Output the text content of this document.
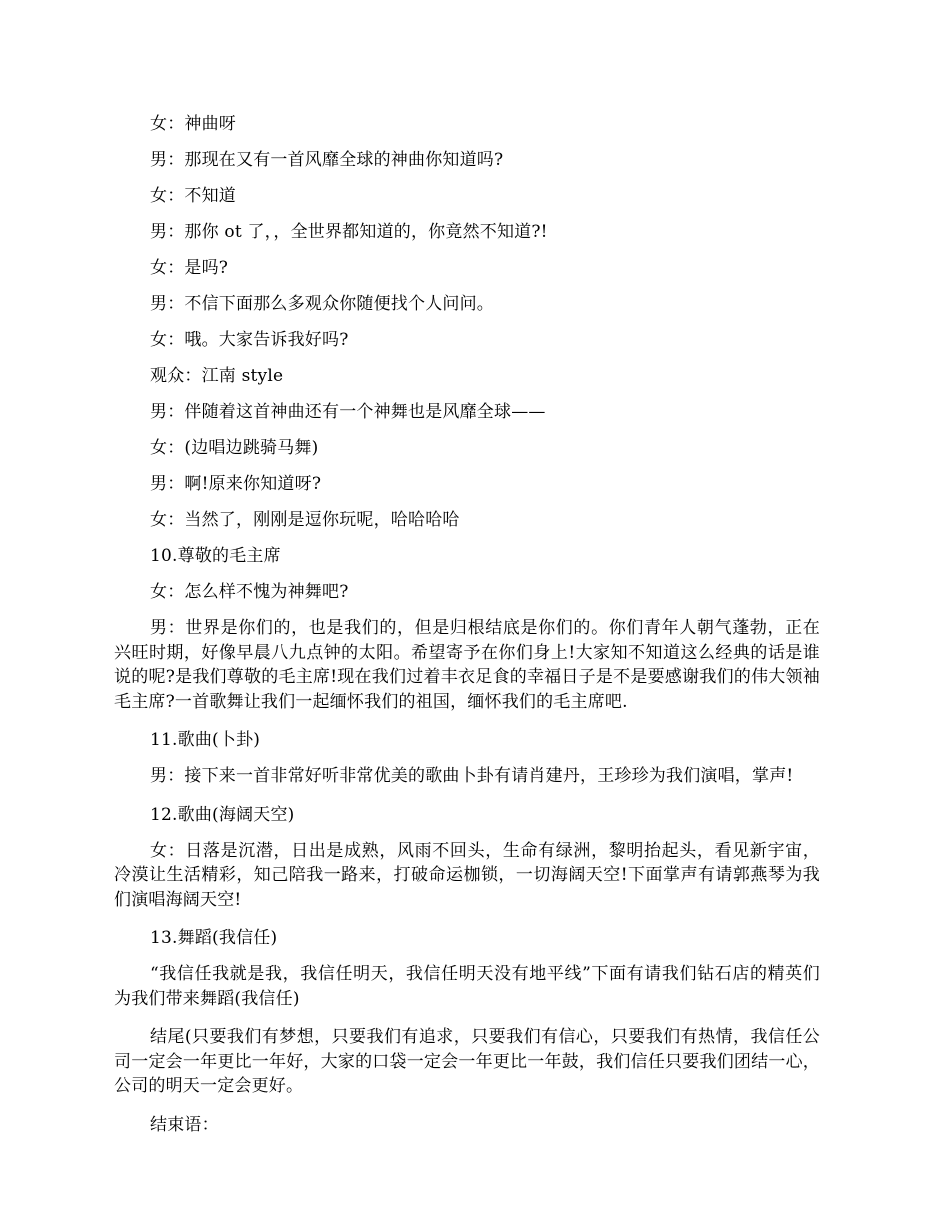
女：神曲呀

男：那现在又有一首风靡全球的神曲你知道吗?

女：不知道

男：那你 ot 了，，全世界都知道的，你竟然不知道?!

女：是吗?

男：不信下面那么多观众你随便找个人问问。

女：哦。大家告诉我好吗?

观众：江南 style

男：伴随着这首神曲还有一个神舞也是风靡全球——

女：(边唱边跳骑马舞)

男：啊!原来你知道呀?

女：当然了，刚刚是逗你玩呢，哈哈哈哈

10.尊敬的毛主席

女：怎么样不愧为神舞吧?

男：世界是你们的，也是我们的，但是归根结底是你们的。你们青年人朝气蓬勃，正在兴旺时期，好像早晨八九点钟的太阳。希望寄予在你们身上!大家知不知道这么经典的话是谁说的呢?是我们尊敬的毛主席!现在我们过着丰衣足食的幸福日子是不是要感谢我们的伟大领袖毛主席?一首歌舞让我们一起缅怀我们的祖国，缅怀我们的毛主席吧.

11.歌曲(卜卦)

男：接下来一首非常好听非常优美的歌曲卜卦有请肖建丹，王珍珍为我们演唱，掌声!

12.歌曲(海阔天空)

女：日落是沉潜，日出是成熟，风雨不回头，生命有绿洲，黎明抬起头，看见新宇宙，冷漠让生活精彩，知己陪我一路来，打破命运枷锁，一切海阔天空!下面掌声有请郭燕琴为我们演唱海阔天空!

13.舞蹈(我信任)

“我信任我就是我，我信任明天，我信任明天没有地平线”下面有请我们钻石店的精英们为我们带来舞蹈(我信任)

结尾(只要我们有梦想，只要我们有追求，只要我们有信心，只要我们有热情，我信任公司一定会一年更比一年好，大家的口袋一定会一年更比一年鼓，我们信任只要我们团结一心，公司的明天一定会更好。

结束语：
